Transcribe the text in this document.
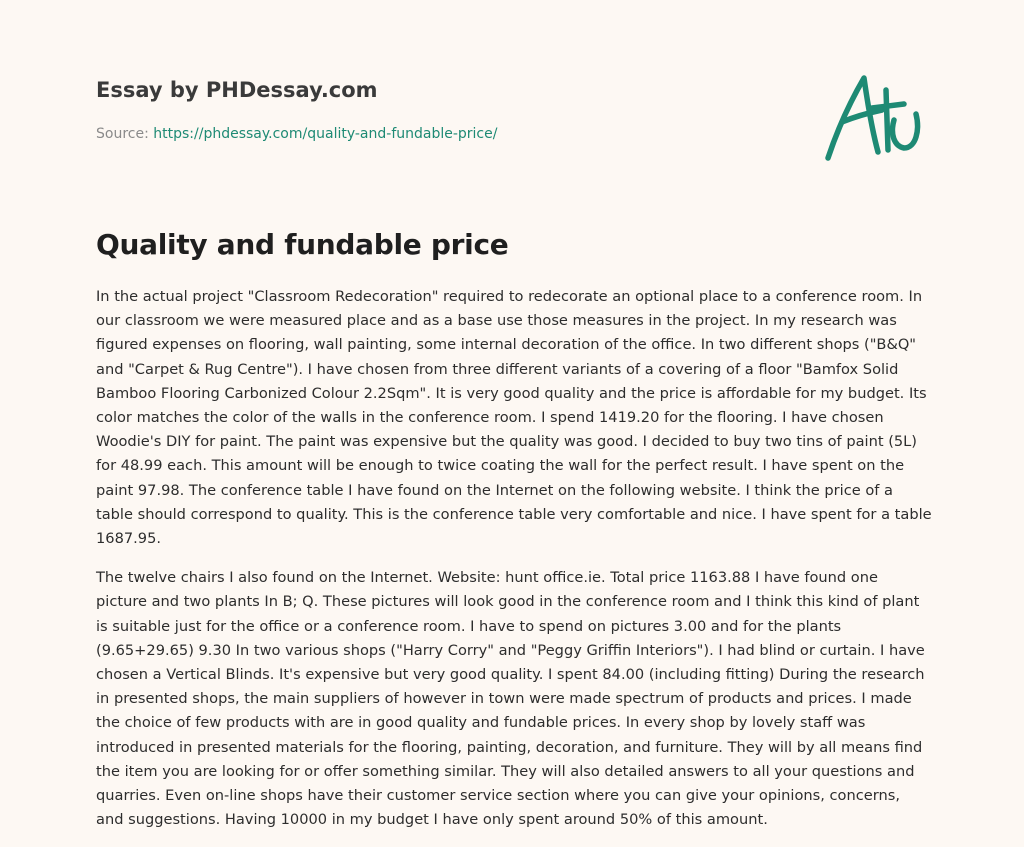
Essay by PHDessay.com
Source: https://phdessay.com/quality-and-fundable-price/
Quality and fundable price

In the actual project "Classroom Redecoration" required to redecorate an optional place to a conference room. In our classroom we were measured place and as a base use those measures in the project. In my research was figured expenses on flooring, wall painting, some internal decoration of the office. In two different shops ("B&Q" and "Carpet & Rug Centre"). I have chosen from three different variants of a covering of a floor "Bamfox Solid Bamboo Flooring Carbonized Colour 2.2Sqm". It is very good quality and the price is affordable for my budget. Its color matches the color of the walls in the conference room. I spend 1419.20 for the flooring. I have chosen Woodie's DIY for paint. The paint was expensive but the quality was good. I decided to buy two tins of paint (5L) for 48.99 each. This amount will be enough to twice coating the wall for the perfect result. I have spent on the paint 97.98. The conference table I have found on the Internet on the following website. I think the price of a table should correspond to quality. This is the conference table very comfortable and nice. I have spent for a table 1687.95.

The twelve chairs I also found on the Internet. Website: hunt office.ie. Total price 1163.88 I have found one picture and two plants In B; Q. These pictures will look good in the conference room and I think this kind of plant is suitable just for the office or a conference room. I have to spend on pictures 3.00 and for the plants (9.65+29.65) 9.30 In two various shops ("Harry Corry" and "Peggy Griffin Interiors"). I had blind or curtain. I have chosen a Vertical Blinds. It's expensive but very good quality. I spent 84.00 (including fitting) During the research in presented shops, the main suppliers of however in town were made spectrum of products and prices. I made the choice of few products with are in good quality and fundable prices. In every shop by lovely staff was introduced in presented materials for the flooring, painting, decoration, and furniture. They will by all means find the item you are looking for or offer something similar. They will also detailed answers to all your questions and quarries. Even on-line shops have their customer service section where you can give your opinions, concerns, and suggestions. Having 10000 in my budget I have only spent around 50% of this amount.
